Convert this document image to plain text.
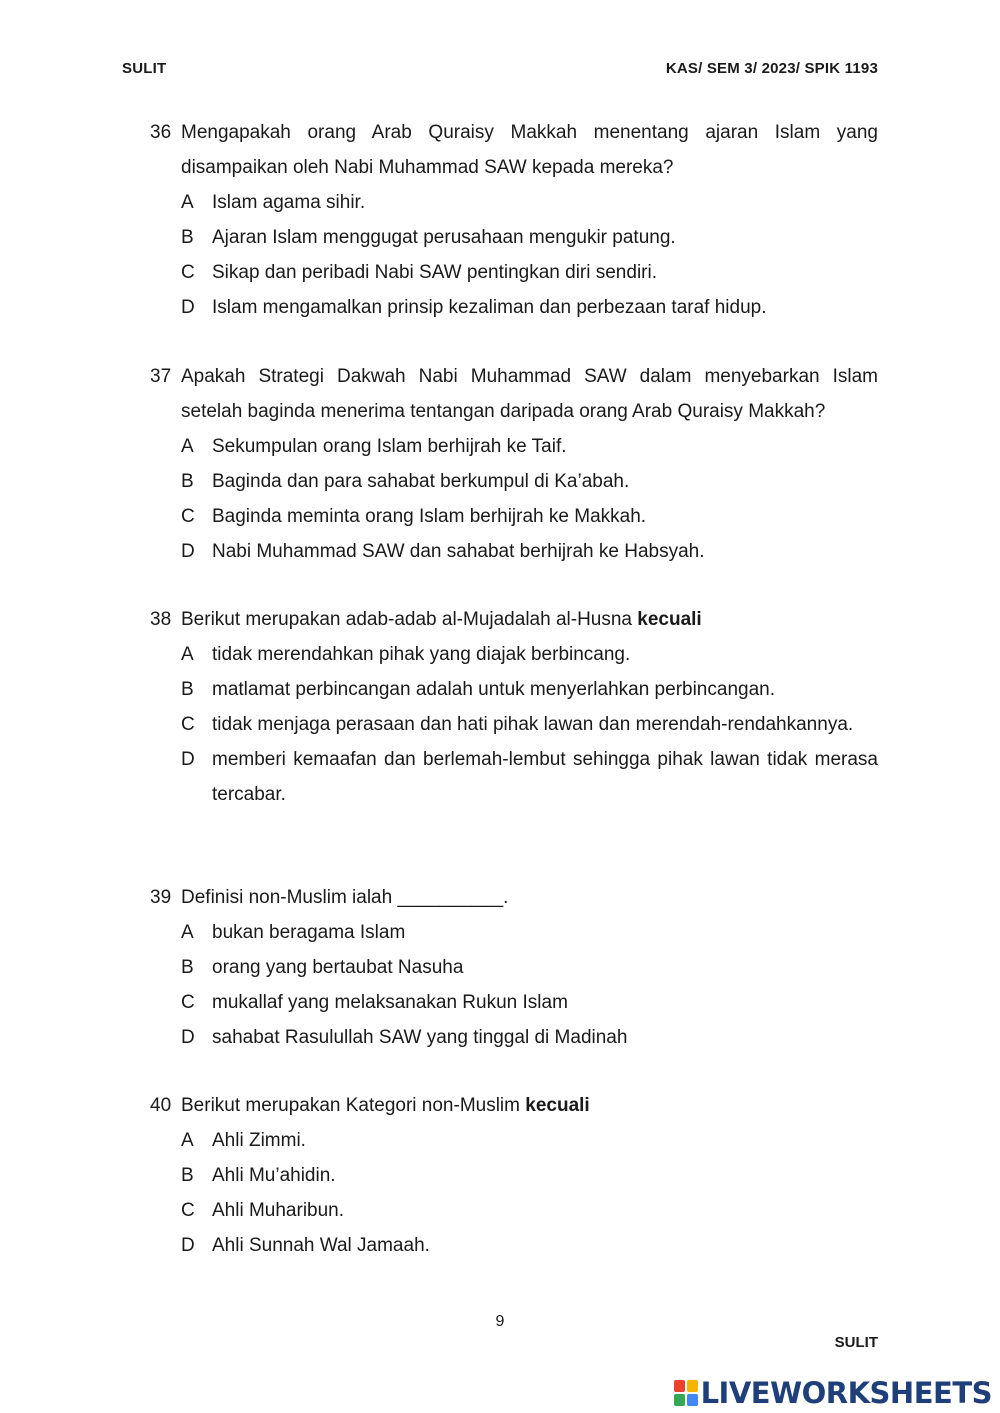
SULIT	KAS/ SEM 3/ 2023/ SPIK 1193
36 Mengapakah orang Arab Quraisy Makkah menentang ajaran Islam yang disampaikan oleh Nabi Muhammad SAW kepada mereka?
A Islam agama sihir.
B Ajaran Islam menggugat perusahaan mengukir patung.
C Sikap dan peribadi Nabi SAW pentingkan diri sendiri.
D Islam mengamalkan prinsip kezaliman dan perbezaan taraf hidup.
37 Apakah Strategi Dakwah Nabi Muhammad SAW dalam menyebarkan Islam setelah baginda menerima tentangan daripada orang Arab Quraisy Makkah?
A Sekumpulan orang Islam berhijrah ke Taif.
B Baginda dan para sahabat berkumpul di Ka’abah.
C Baginda meminta orang Islam berhijrah ke Makkah.
D Nabi Muhammad SAW dan sahabat berhijrah ke Habsyah.
38 Berikut merupakan adab-adab al-Mujadalah al-Husna kecuali
A tidak merendahkan pihak yang diajak berbincang.
B matlamat perbincangan adalah untuk menyerlahkan perbincangan.
C tidak menjaga perasaan dan hati pihak lawan dan merendah-rendahkannya.
D memberi kemaafan dan berlemah-lembut sehingga pihak lawan tidak merasa tercabar.
39 Definisi non-Muslim ialah __________.
A bukan beragama Islam
B orang yang bertaubat Nasuha
C mukallaf yang melaksanakan Rukun Islam
D sahabat Rasulullah SAW yang tinggal di Madinah
40 Berikut merupakan Kategori non-Muslim kecuali
A Ahli Zimmi.
B Ahli Mu’ahidin.
C Ahli Muharibun.
D Ahli Sunnah Wal Jamaah.
9
SULIT
LIVEWORKSHEETS
